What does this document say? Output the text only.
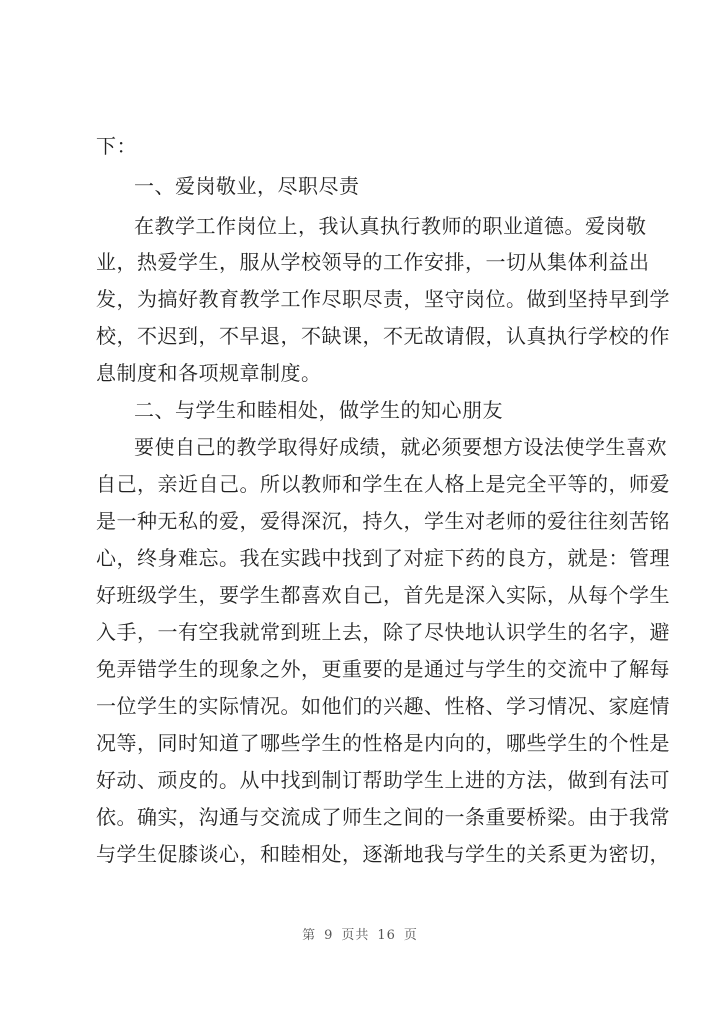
下：
一、爱岗敬业，尽职尽责
在教学工作岗位上，我认真执行教师的职业道德。爱岗敬
业，热爱学生，服从学校领导的工作安排，一切从集体利益出
发，为搞好教育教学工作尽职尽责，坚守岗位。做到坚持早到学
校，不迟到，不早退，不缺课，不无故请假，认真执行学校的作
息制度和各项规章制度。
二、与学生和睦相处，做学生的知心朋友
要使自己的教学取得好成绩，就必须要想方设法使学生喜欢
自己，亲近自己。所以教师和学生在人格上是完全平等的，师爱
是一种无私的爱，爱得深沉，持久，学生对老师的爱往往刻苦铭
心，终身难忘。我在实践中找到了对症下药的良方，就是：管理
好班级学生，要学生都喜欢自己，首先是深入实际，从每个学生
入手，一有空我就常到班上去，除了尽快地认识学生的名字，避
免弄错学生的现象之外，更重要的是通过与学生的交流中了解每
一位学生的实际情况。如他们的兴趣、性格、学习情况、家庭情
况等，同时知道了哪些学生的性格是内向的，哪些学生的个性是
好动、顽皮的。从中找到制订帮助学生上进的方法，做到有法可
依。确实，沟通与交流成了师生之间的一条重要桥梁。由于我常
与学生促膝谈心，和睦相处，逐渐地我与学生的关系更为密切，
第 9 页共 16 页
